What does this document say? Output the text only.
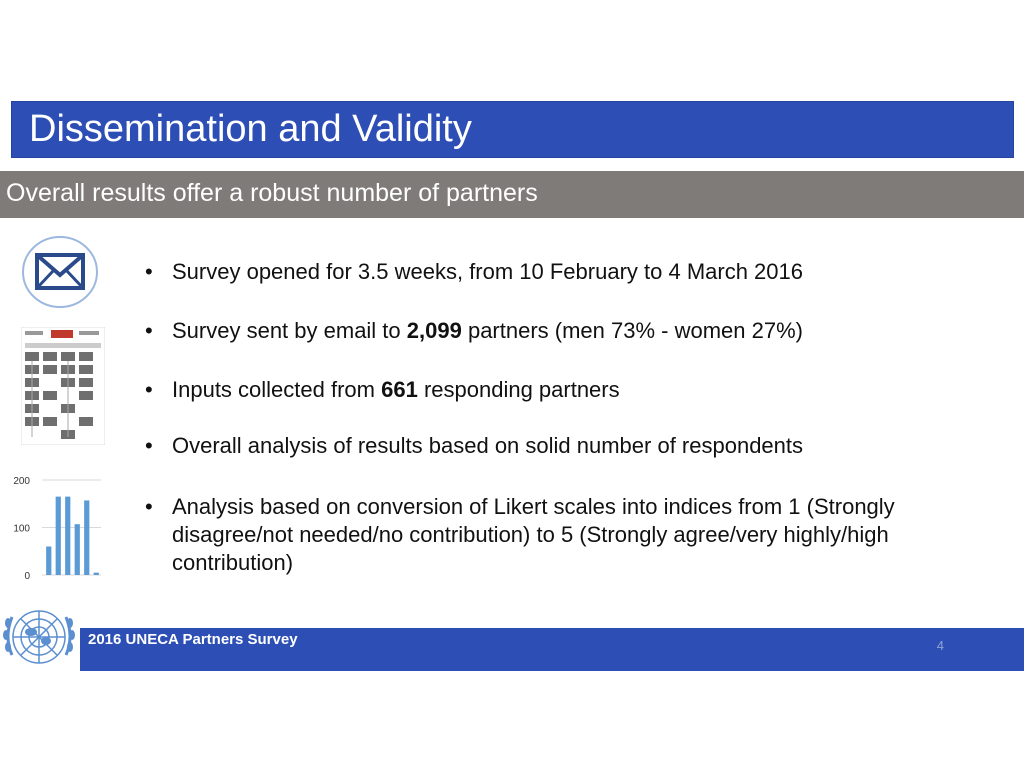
Dissemination and Validity
Overall results offer a robust number of partners
200
100
0
• Survey opened for 3.5 weeks, from 10 February to 4 March 2016
• Survey sent by email to 2,099 partners (men 73% - women 27%)
• Inputs collected from 661 responding partners
• Overall analysis of results based on solid number of respondents
• Analysis based on conversion of Likert scales into indices from 1 (Strongly disagree/not needed/no contribution) to 5 (Strongly agree/very highly/high contribution)
2016 UNECA Partners Survey	4
